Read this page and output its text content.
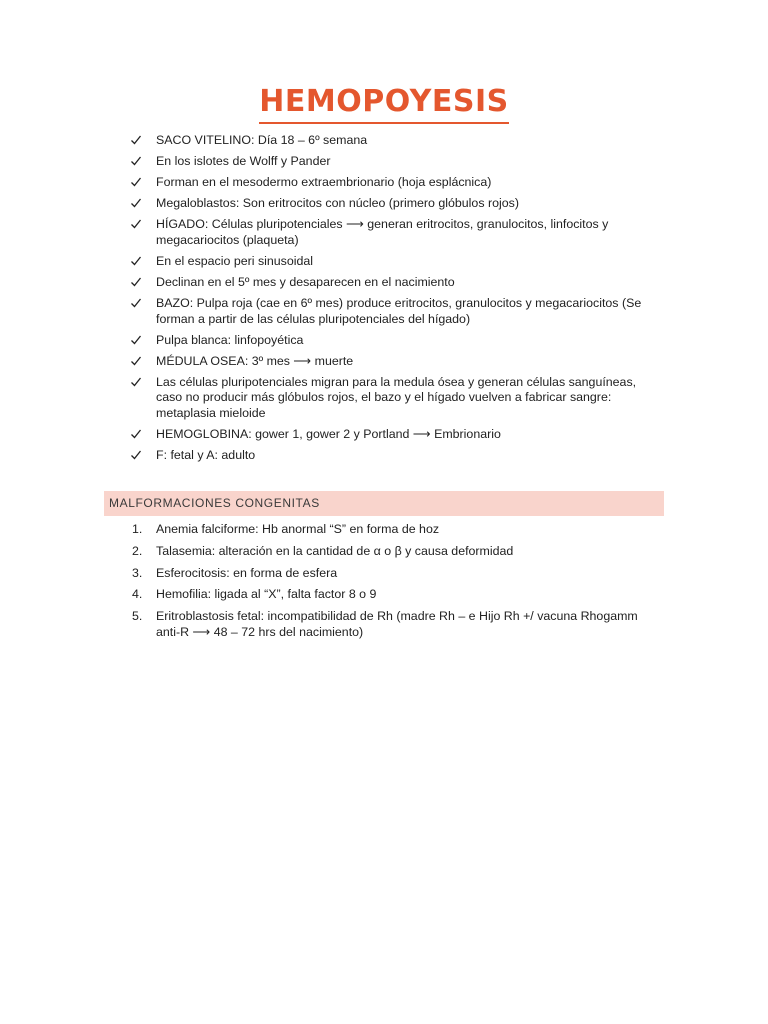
HEMOPOYESIS
SACO VITELINO: Día 18 – 6º semana
En los islotes de Wolff y Pander
Forman en el mesodermo extraembrionario (hoja esplácnica)
Megaloblastos: Son eritrocitos con núcleo (primero glóbulos rojos)
HÍGADO: Células pluripotenciales ⟶ generan eritrocitos, granulocitos, linfocitos y megacariocitos (plaqueta)
En el espacio peri sinusoidal
Declinan en el 5º mes y desaparecen en el nacimiento
BAZO: Pulpa roja (cae en 6º mes) produce eritrocitos, granulocitos y megacariocitos (Se forman a partir de las células pluripotenciales del hígado)
Pulpa blanca: linfopoyética
MÉDULA OSEA: 3º mes ⟶ muerte
Las células pluripotenciales migran para la medula ósea y generan células sanguíneas, caso no producir más glóbulos rojos, el bazo y el hígado vuelven a fabricar sangre: metaplasia mieloide
HEMOGLOBINA: gower 1, gower 2 y Portland ⟶ Embrionario
F: fetal y A: adulto
MALFORMACIONES CONGENITAS
1. Anemia falciforme: Hb anormal “S” en forma de hoz
2. Talasemia: alteración en la cantidad de α o β y causa deformidad
3. Esferocitosis: en forma de esfera
4. Hemofilia: ligada al “X”, falta factor 8 o 9
5. Eritroblastosis fetal: incompatibilidad de Rh (madre Rh – e Hijo Rh +/ vacuna Rhogamm anti-R ⟶ 48 – 72 hrs del nacimiento)
